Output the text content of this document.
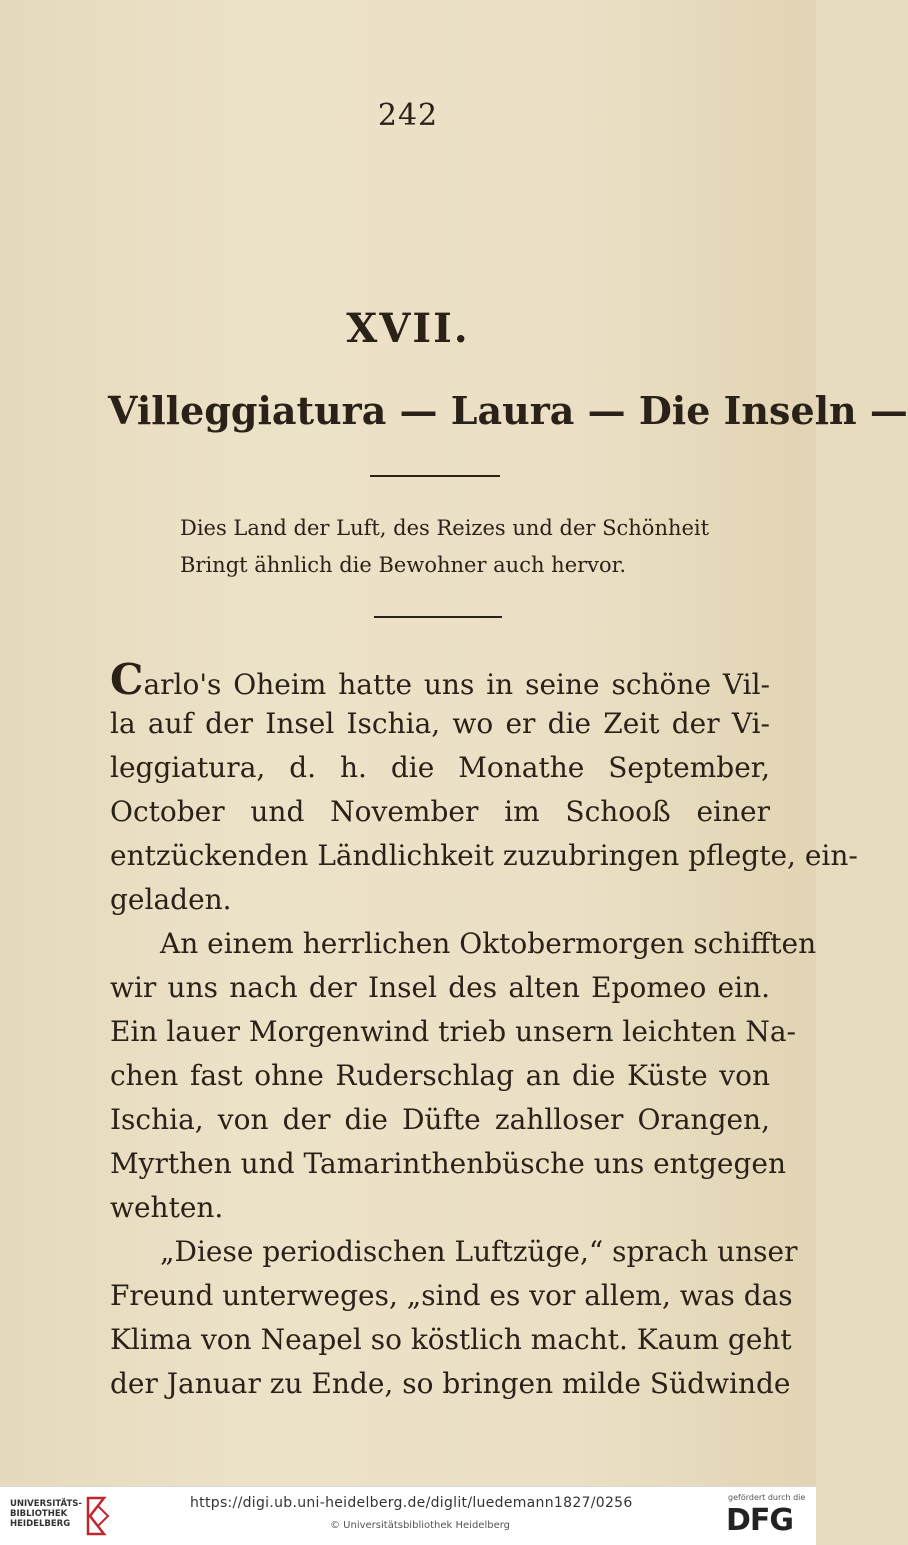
242
XVII.
Villeggiatura — Laura — Die Inseln —
Dies Land der Luft, des Reizes und der Schönheit
Bringt ähnlich die Bewohner auch hervor.
Carlo's Oheim hatte uns in seine schöne Vil-
la auf der Insel Ischia, wo er die Zeit der Vi-
leggiatura, d. h. die Monathe September,
October und November im Schooß einer
entzückenden Ländlichkeit zuzubringen pflegte, ein-
geladen.
An einem herrlichen Oktobermorgen schifften
wir uns nach der Insel des alten Epomeo ein.
Ein lauer Morgenwind trieb unsern leichten Na-
chen fast ohne Ruderschlag an die Küste von
Ischia, von der die Düfte zahlloser Orangen,
Myrthen und Tamarinthenbüsche uns entgegen
wehten.
„Diese periodischen Luftzüge,“ sprach unser
Freund unterweges, „sind es vor allem, was das
Klima von Neapel so köstlich macht. Kaum geht
der Januar zu Ende, so bringen milde Südwinde
UNIVERSITÄTS-
BIBLIOTHEK
HEIDELBERG
https://digi.ub.uni-heidelberg.de/diglit/luedemann1827/0256
© Universitätsbibliothek Heidelberg
gefördert durch die
DFG
